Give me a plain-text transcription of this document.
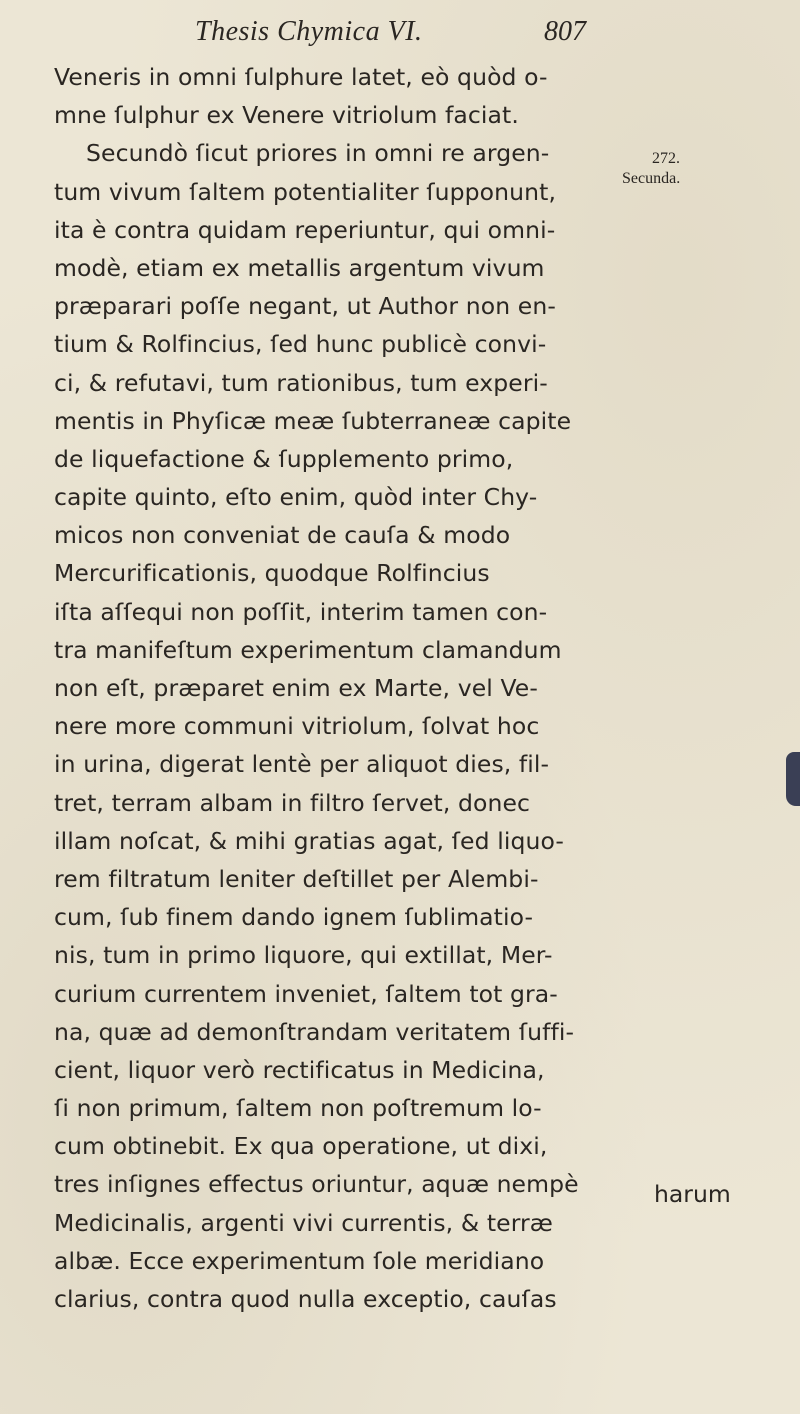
Thesis Chymica VI.	807
272.
Secunda.
Veneris in omni ſulphure latet, eò quòd o-
mne ſulphur ex Venere vitriolum faciat.
Secundò ſicut priores in omni re argen-
tum vivum ſaltem potentialiter ſupponunt,
ita è contra quidam reperiuntur, qui omni-
modè, etiam ex metallis argentum vivum
præparari poſſe negant, ut Author non en-
tium & Rolfincius, ſed hunc publicè convi-
ci, & refutavi, tum rationibus, tum experi-
mentis in Phyſicæ meæ ſubterraneæ capite
de liquefactione & ſupplemento primo,
capite quinto, eſto enim, quòd inter Chy-
micos non conveniat de cauſa & modo
Mercurificationis, quodque Rolfincius
iſta aſſequi non poſſit, interim tamen con-
tra manifeſtum experimentum clamandum
non eſt, præparet enim ex Marte, vel Ve-
nere more communi vitriolum, ſolvat hoc
in urina, digerat lentè per aliquot dies, fil-
tret, terram albam in filtro ſervet, donec
illam noſcat, & mihi gratias agat, ſed liquo-
rem filtratum leniter deſtillet per Alembi-
cum, ſub finem dando ignem ſublimatio-
nis, tum in primo liquore, qui extillat, Mer-
curium currentem inveniet, ſaltem tot gra-
na, quæ ad demonſtrandam veritatem ſuffi-
cient, liquor verò rectificatus in Medicina,
ſi non primum, ſaltem non poſtremum lo-
cum obtinebit. Ex qua operatione, ut dixi,
tres inſignes effectus oriuntur, aquæ nempè
Medicinalis, argenti vivi currentis, & terræ
albæ. Ecce experimentum ſole meridiano
clarius, contra quod nulla exceptio, cauſas
harum
